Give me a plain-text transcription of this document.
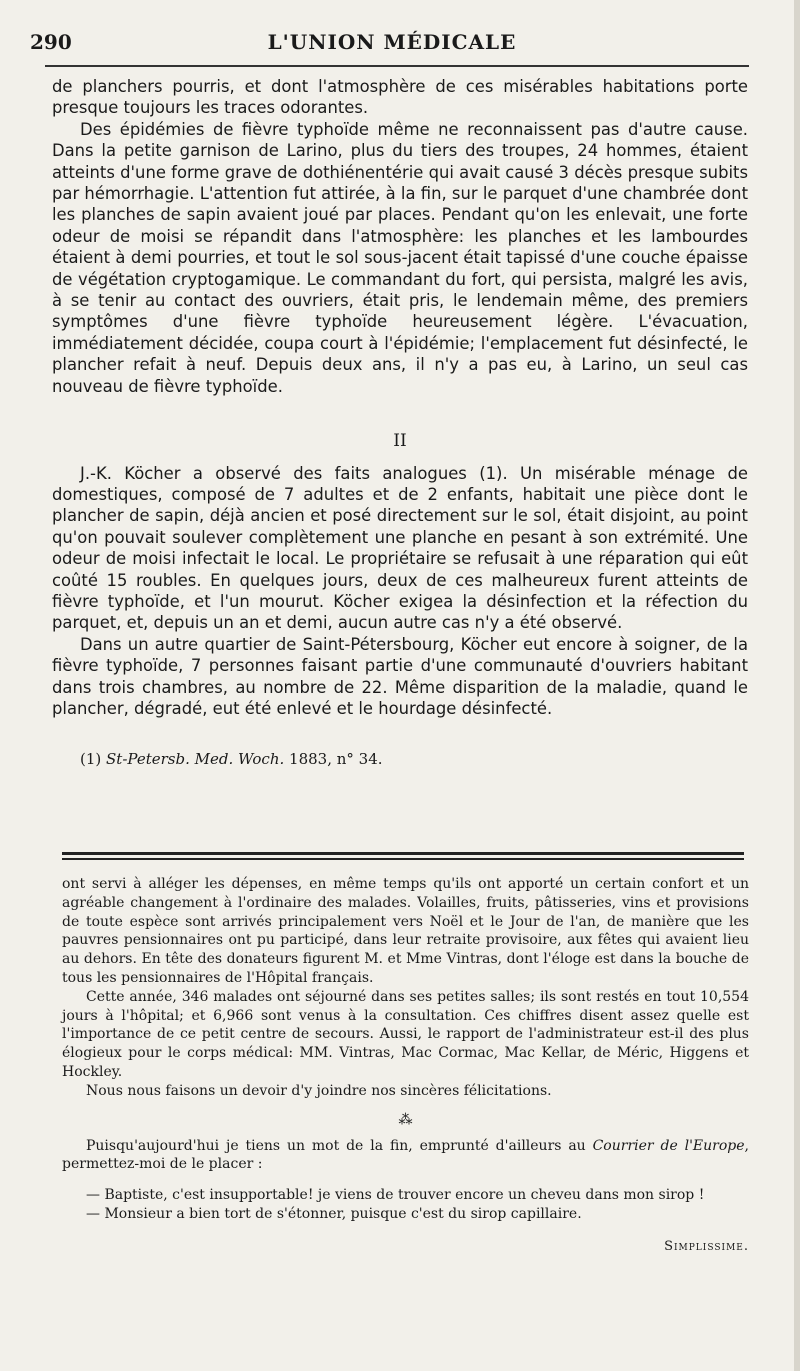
290	L'UNION MÉDICALE

de planchers pourris, et dont l'atmosphère de ces misérables habitations porte presque toujours les traces odorantes.

Des épidémies de fièvre typhoïde même ne reconnaissent pas d'autre cause. Dans la petite garnison de Larino, plus du tiers des troupes, 24 hommes, étaient atteints d'une forme grave de dothiénentérie qui avait causé 3 décès presque subits par hémorrhagie. L'attention fut attirée, à la fin, sur le parquet d'une chambrée dont les planches de sapin avaient joué par places. Pendant qu'on les enlevait, une forte odeur de moisi se répandit dans l'atmosphère: les planches et les lambourdes étaient à demi pourries, et tout le sol sous-jacent était tapissé d'une couche épaisse de végétation cryptogamique. Le commandant du fort, qui persista, malgré les avis, à se tenir au contact des ouvriers, était pris, le lendemain même, des premiers symptômes d'une fièvre typhoïde heureusement légère. L'évacuation, immédiatement décidée, coupa court à l'épidémie; l'emplacement fut désinfecté, le plancher refait à neuf. Depuis deux ans, il n'y a pas eu, à Larino, un seul cas nouveau de fièvre typhoïde.

II

J.-K. Köcher a observé des faits analogues (1). Un misérable ménage de domestiques, composé de 7 adultes et de 2 enfants, habitait une pièce dont le plancher de sapin, déjà ancien et posé directement sur le sol, était disjoint, au point qu'on pouvait soulever complètement une planche en pesant à son extrémité. Une odeur de moisi infectait le local. Le propriétaire se refusait à une réparation qui eût coûté 15 roubles. En quelques jours, deux de ces malheureux furent atteints de fièvre typhoïde, et l'un mourut. Köcher exigea la désinfection et la réfection du parquet, et, depuis un an et demi, aucun autre cas n'y a été observé.

Dans un autre quartier de Saint-Pétersbourg, Köcher eut encore à soigner, de la fièvre typhoïde, 7 personnes faisant partie d'une communauté d'ouvriers habitant dans trois chambres, au nombre de 22. Même disparition de la maladie, quand le plancher, dégradé, eut été enlevé et le hourdage désinfecté.

(1) St-Petersb. Med. Woch. 1883, n° 34.

ont servi à alléger les dépenses, en même temps qu'ils ont apporté un certain confort et un agréable changement à l'ordinaire des malades. Volailles, fruits, pâtisseries, vins et provisions de toute espèce sont arrivés principalement vers Noël et le Jour de l'an, de manière que les pauvres pensionnaires ont pu participé, dans leur retraite provisoire, aux fêtes qui avaient lieu au dehors. En tête des donateurs figurent M. et Mme Vintras, dont l'éloge est dans la bouche de tous les pensionnaires de l'Hôpital français.

Cette année, 346 malades ont séjourné dans ses petites salles; ils sont restés en tout 10,554 jours à l'hôpital; et 6,966 sont venus à la consultation. Ces chiffres disent assez quelle est l'importance de ce petit centre de secours. Aussi, le rapport de l'administrateur est-il des plus élogieux pour le corps médical: MM. Vintras, Mac Cormac, Mac Kellar, de Méric, Higgens et Hockley.

Nous nous faisons un devoir d'y joindre nos sincères félicitations.

⁂

Puisqu'aujourd'hui je tiens un mot de la fin, emprunté d'ailleurs au Courrier de l'Europe, permettez-moi de le placer :

— Baptiste, c'est insupportable! je viens de trouver encore un cheveu dans mon sirop !

— Monsieur a bien tort de s'étonner, puisque c'est du sirop capillaire.

Simplissime.
